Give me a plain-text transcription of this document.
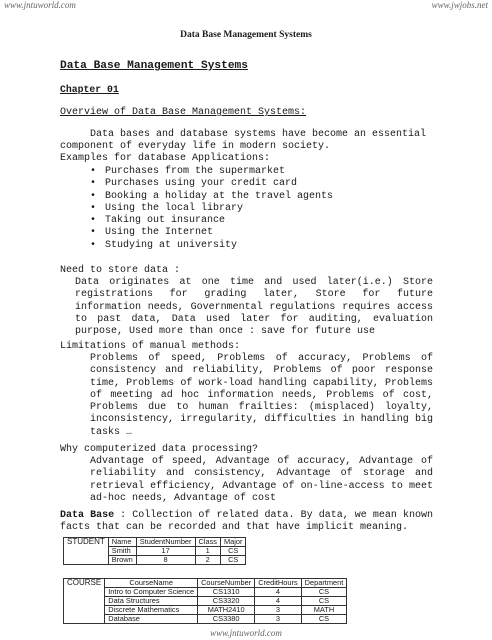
www.jntuworld.com	www.jwjobs.net
www.jntuworld.com
Data Base Management Systems
Data Base Management Systems
Chapter 01
Overview of Data Base Management Systems:
Data bases and database systems have become an essential
component of everyday life in modern society.
Examples for database Applications:
• Purchases from the supermarket
• Purchases using your credit card
• Booking a holiday at the travel agents
• Using the local library
• Taking out insurance
• Using the Internet
• Studying at university
Need to store data :
Data originates at one time and used later(i.e.) Store registrations for grading later, Store for future information needs, Governmental regulations requires access to past data, Data used later for auditing, evaluation purpose, Used more than once : save for future use
Limitations of manual methods:
Problems of speed, Problems of accuracy, Problems of consistency and reliability, Problems of poor response time, Problems of work-load handling capability, Problems of meeting ad hoc information needs, Problems of cost, Problems due to human frailties: (misplaced) loyalty, inconsistency, irregularity, difficulties in handling big tasks …
Why computerized data processing?
Advantage of speed, Advantage of accuracy, Advantage of reliability and consistency, Advantage of storage and retrieval efficiency, Advantage of on-line-access to meet ad-hoc needs, Advantage of cost
Data Base : Collection of related data. By data, we mean known facts that can be recorded and that have implicit meaning.
STUDENT	Name	StudentNumber	Class	Major
	Smith	17	1	CS
	Brown	8	2	CS
COURSE	CourseName	CourseNumber	CreditHours	Department
	Intro to Computer Science	CS1310	4	CS
	Data Structures	CS3320	4	CS
	Discrete Mathematics	MATH2410	3	MATH
	Database	CS3380	3	CS
